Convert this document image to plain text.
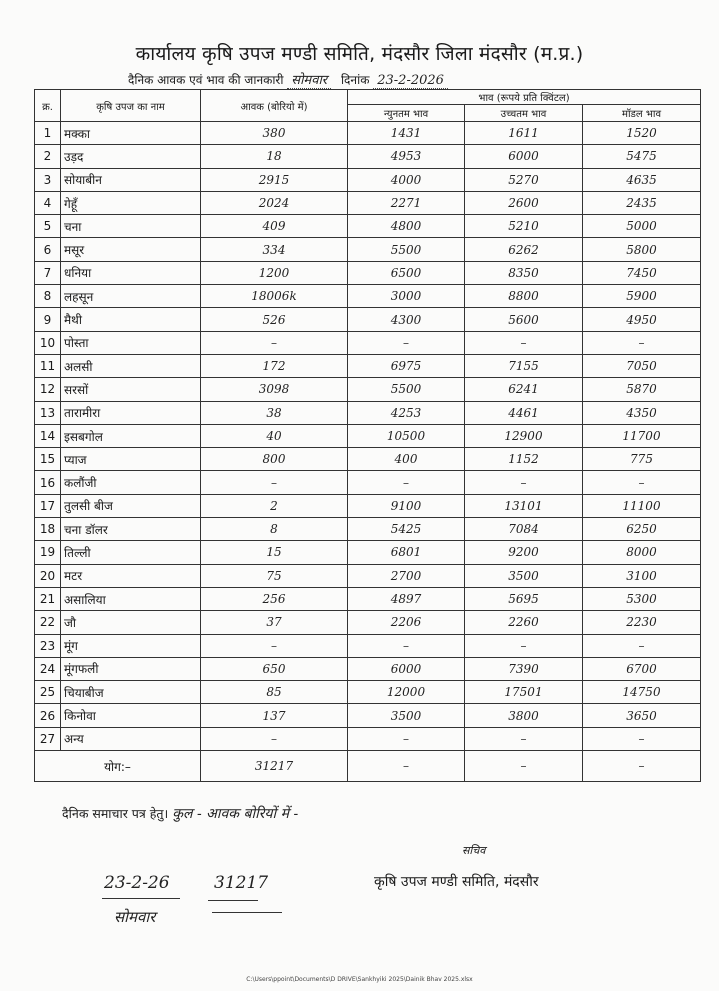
कार्यालय कृषि उपज मण्डी समिति, मंदसौर जिला मंदसौर (म.प्र.)
दैनिक आवक एवं भाव की जानकारी सोमवार दिनांक 23-2-2026
क्र.	कृषि उपज का नाम	आवक (बोरियो में)	भाव (रूपये प्रति क्विंटल)		
			न्युनतम भाव	उच्चतम भाव	मॉडल भाव
1	मक्का	380	1431	1611	1520
2	उड़द	18	4953	6000	5475
3	सोयाबीन	2915	4000	5270	4635
4	गेहूँ	2024	2271	2600	2435
5	चना	409	4800	5210	5000
6	मसूर	334	5500	6262	5800
7	धनिया	1200	6500	8350	7450
8	लहसून	18006k	3000	8800	5900
9	मैथी	526	4300	5600	4950
10	पोस्ता	–	–	–	–
11	अलसी	172	6975	7155	7050
12	सरसों	3098	5500	6241	5870
13	तारामीरा	38	4253	4461	4350
14	इसबगोल	40	10500	12900	11700
15	प्याज	800	400	1152	775
16	कलौंजी	–	–	–	–
17	तुलसी बीज	2	9100	13101	11100
18	चना डॉलर	8	5425	7084	6250
19	तिल्ली	15	6801	9200	8000
20	मटर	75	2700	3500	3100
21	असालिया	256	4897	5695	5300
22	जौ	37	2206	2260	2230
23	मूंग	–	–	–	–
24	मूंगफली	650	6000	7390	6700
25	चियाबीज	85	12000	17501	14750
26	किनोवा	137	3500	3800	3650
27	अन्य	–	–	–	–
योग:–		31217	–	–	–
दैनिक समाचार पत्र हेतु। कुल - आवक बोरियों में -
सचिव
कृषि उपज मण्डी समिति, मंदसौर
23-2-26	31217
सोमवार
C:\Users\ppoint\Documents\D DRIVE\Sankhyiki 2025\Dainik Bhav 2025.xlsx
